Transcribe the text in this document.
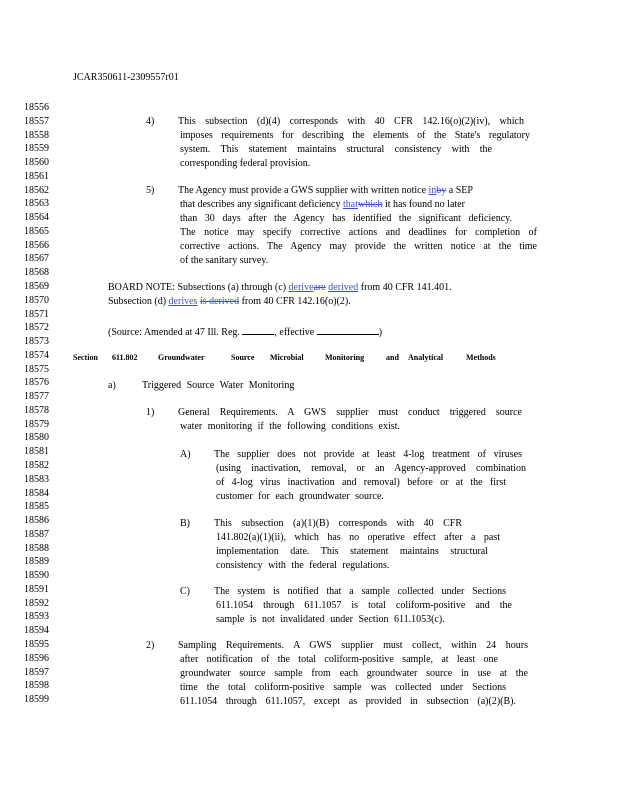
JCAR350611-2309557r01
18556
18557
18558
18559
18560
18561
18562
18563
18564
18565
18566
18567
18568
18569
18570
18571
18572
18573
18574
18575
18576
18577
18578
18579
18580
18581
18582
18583
18584
18585
18586
18587
18588
18589
18590
18591
18592
18593
18594
18595
18596
18597
18598
18599
4) This subsection (d)(4) corresponds with 40 CFR 142.16(o)(2)(iv), which
imposes requirements for describing the elements of the State's regulatory
system. This statement maintains structural consistency with the
corresponding federal provision.
5) The Agency must provide a GWS supplier with written notice inby a SEP
that describes any significant deficiency thatwhich it has found no later
than 30 days after the Agency has identified the significant deficiency.
The notice may specify corrective actions and deadlines for completion of
corrective actions. The Agency may provide the written notice at the time
of the sanitary survey.
BOARD NOTE: Subsections (a) through (c) deriveare derived from 40 CFR 141.401.
Subsection (d) derives is derived from 40 CFR 142.16(o)(2).
(Source: Amended at 47 Ill. Reg.	, effective	)
Section 611.802	Groundwater	Source Microbial	Monitoring	and Analytical	Methods
a)	Triggered Source Water Monitoring
1) General Requirements. A GWS supplier must conduct triggered source
water monitoring if the following conditions exist.
A) The supplier does not provide at least 4-log treatment of viruses
(using inactivation, removal, or an Agency-approved combination
of 4-log virus inactivation and removal) before or at the first
customer for each groundwater source.
B) This subsection (a)(1)(B) corresponds with 40 CFR
141.802(a)(1)(ii), which has no operative effect after a past
implementation date. This statement maintains structural
consistency with the federal regulations.
C) The system is notified that a sample collected under Sections
611.1054 through 611.1057 is total coliform-positive and the
sample is not invalidated under Section 611.1053(c).
2) Sampling Requirements. A GWS supplier must collect, within 24 hours
after notification of the total coliform-positive sample, at least one
groundwater source sample from each groundwater source in use at the
time the total coliform-positive sample was collected under Sections
611.1054 through 611.1057, except as provided in subsection (a)(2)(B).
